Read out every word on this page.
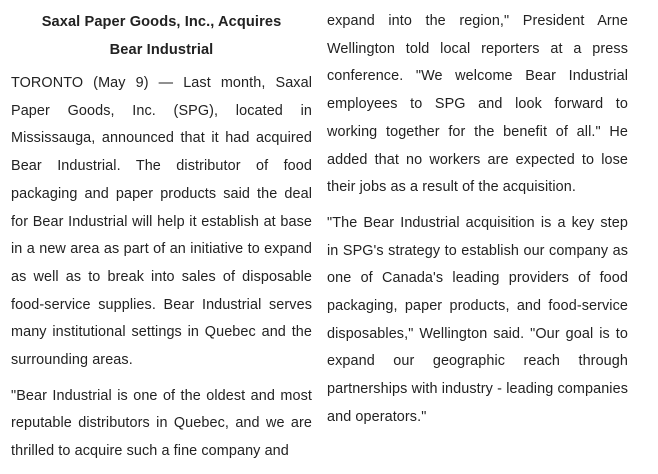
Saxal Paper Goods, Inc., Acquires
Bear Industrial

TORONTO (May 9) — Last month, Saxal Paper Goods, Inc. (SPG), located in Mississauga, announced that it had acquired Bear Industrial. The distributor of food packaging and paper products said the deal for Bear Industrial will help it establish at base in a new area as part of an initiative to expand as well as to break into sales of disposable food-service supplies. Bear Industrial serves many institutional settings in Quebec and the surrounding areas.

"Bear Industrial is one of the oldest and most reputable distributors in Quebec, and we are thrilled to acquire such a fine company and

expand into the region," President Arne Wellington told local reporters at a press conference. "We welcome Bear Industrial employees to SPG and look forward to working together for the benefit of all." He added that no workers are expected to lose their jobs as a result of the acquisition.

"The Bear Industrial acquisition is a key step in SPG's strategy to establish our company as one of Canada's leading providers of food packaging, paper products, and food-service disposables," Wellington said. "Our goal is to expand our geographic reach through partnerships with industry - leading companies and operators."
